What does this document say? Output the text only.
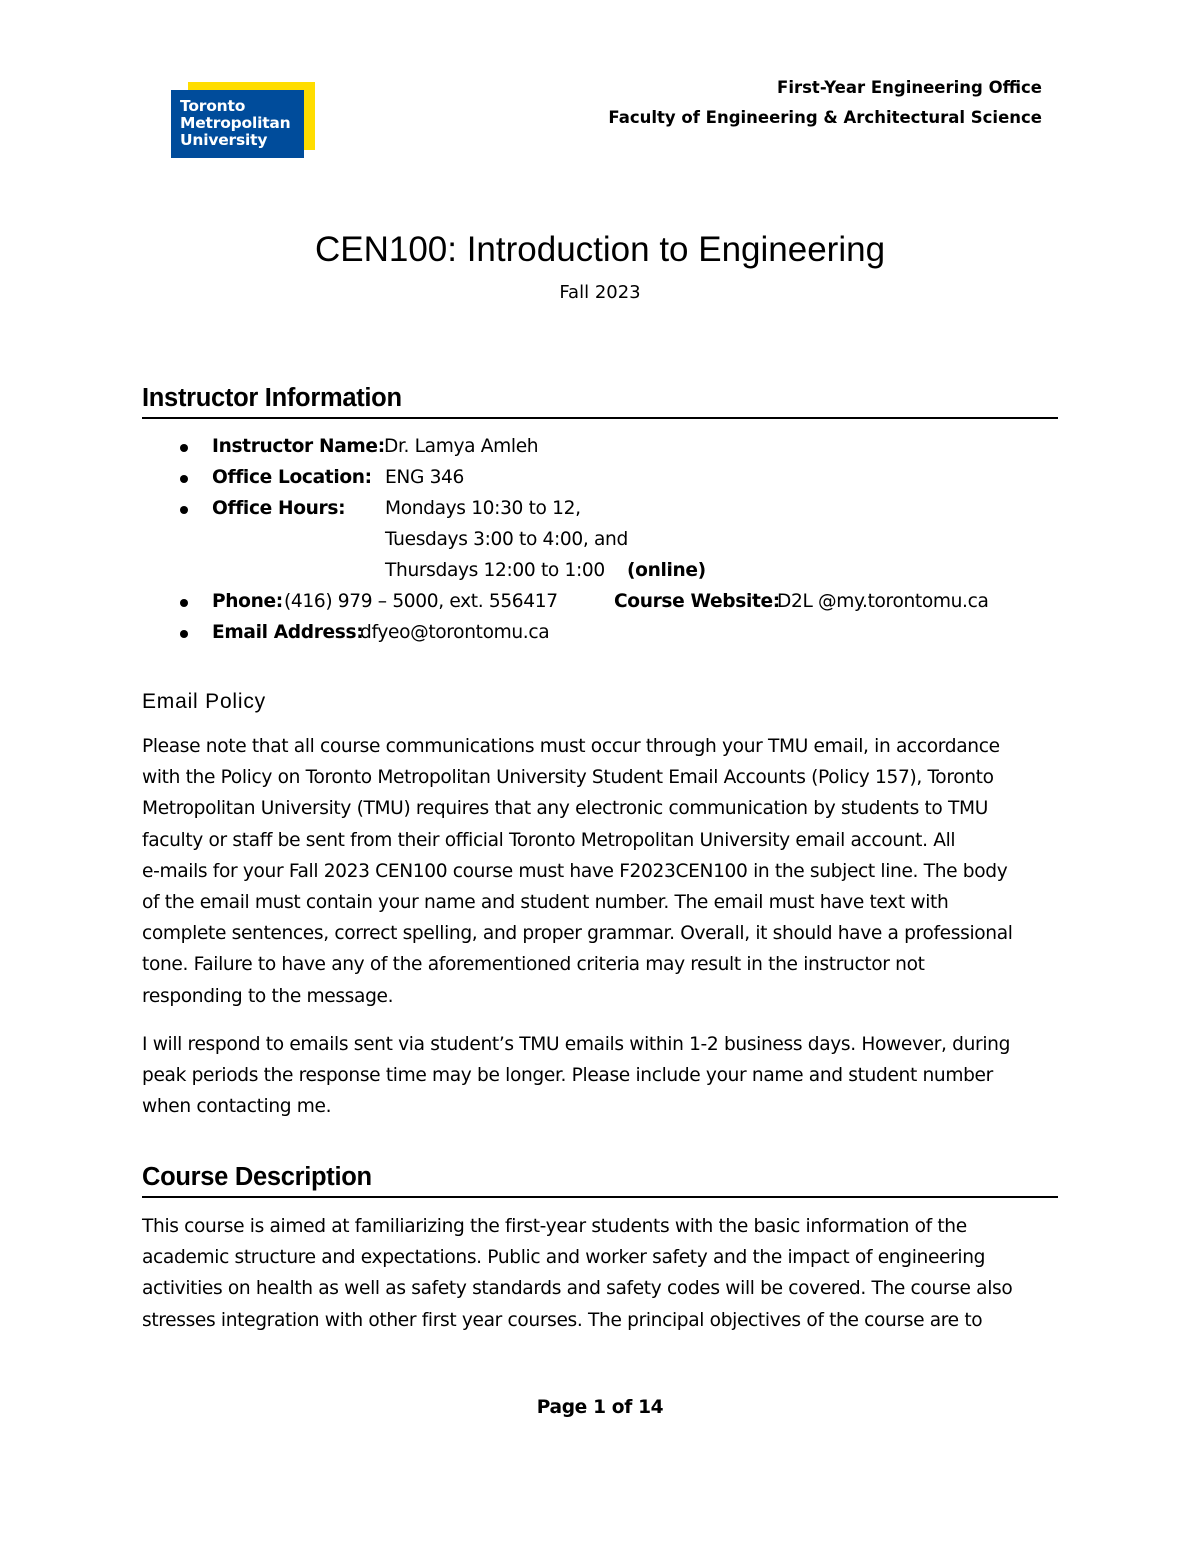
Toronto
Metropolitan
University
First-Year Engineering Office
Faculty of Engineering & Architectural Science
CEN100: Introduction to Engineering
Fall 2023
Instructor Information
Instructor Name: Dr. Lamya Amleh
Office Location: ENG 346
Office Hours: Mondays 10:30 to 12,
Tuesdays 3:00 to 4:00, and
Thursdays 12:00 to 1:00 (online)
Phone: (416) 979 – 5000, ext. 556417	Course Website:
D2L @my.torontomu.ca
Email Address:
dfyeo@torontomu.ca
Email Policy

Please note that all course communications must occur through your TMU email, in accordance
with the Policy on Toronto Metropolitan University Student Email Accounts (Policy 157), Toronto
Metropolitan University (TMU) requires that any electronic communication by students to TMU
faculty or staff be sent from their official Toronto Metropolitan University email account. All
e-mails for your Fall 2023 CEN100 course must have F2023CEN100 in the subject line. The body
of the email must contain your name and student number. The email must have text with
complete sentences, correct spelling, and proper grammar. Overall, it should have a professional
tone. Failure to have any of the aforementioned criteria may result in the instructor not
responding to the message.

I will respond to emails sent via student’s TMU emails within 1-2 business days. However, during
peak periods the response time may be longer. Please include your name and student number
when contacting me.

Course Description

This course is aimed at familiarizing the first-year students with the basic information of the
academic structure and expectations. Public and worker safety and the impact of engineering
activities on health as well as safety standards and safety codes will be covered. The course also
stresses integration with other first year courses. The principal objectives of the course are to

Page 1 of 14
